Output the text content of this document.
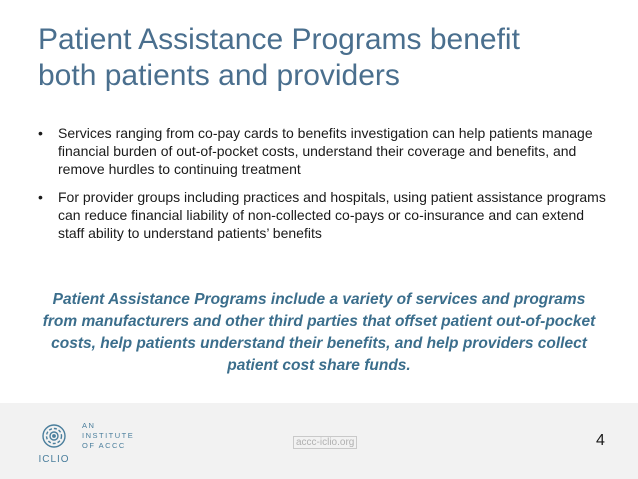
Patient Assistance Programs benefit
both patients and providers
• Services ranging from co-pay cards to benefits investigation can help patients manage financial burden of out-of-pocket costs, understand their coverage and benefits, and remove hurdles to continuing treatment
• For provider groups including practices and hospitals, using patient assistance programs can reduce financial liability of non-collected co-pays or co-insurance and can extend staff ability to understand patients’ benefits
Patient Assistance Programs include a variety of services and programs from manufacturers and other third parties that offset patient out-of-pocket costs, help patients understand their benefits, and help providers collect patient cost share funds.
ICLIO
AN
INSTITUTE
OF ACCC	accc-iclio.org	4
